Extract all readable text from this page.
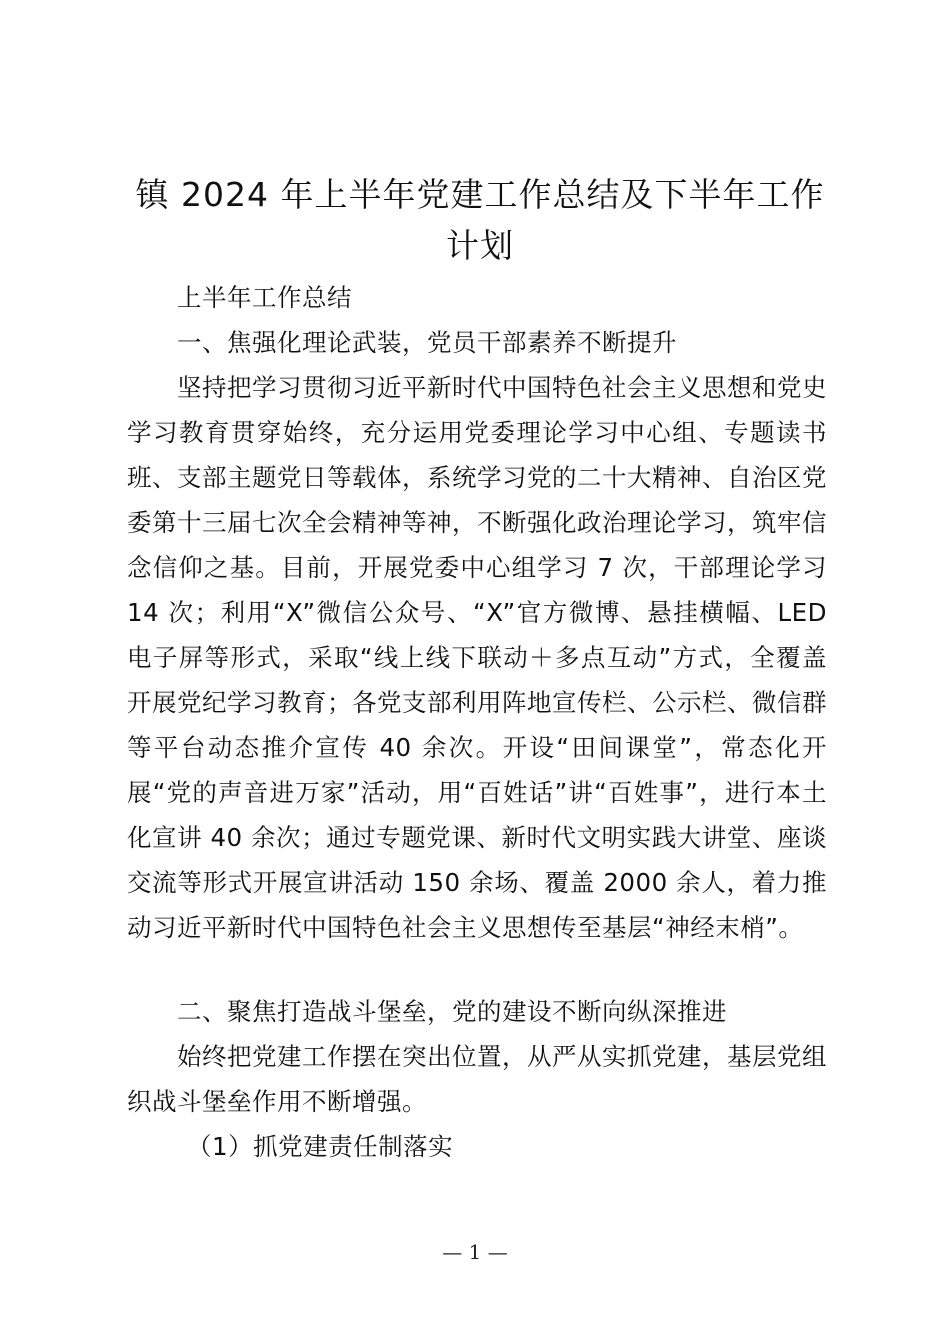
镇 2024 年上半年党建工作总结及下半年工作
计划

上半年工作总结

一、焦强化理论武装，党员干部素养不断提升

坚持把学习贯彻习近平新时代中国特色社会主义思想和党史学习教育贯穿始终，充分运用党委理论学习中心组、专题读书班、支部主题党日等载体，系统学习党的二十大精神、自治区党委第十三届七次全会精神等神，不断强化政治理论学习，筑牢信念信仰之基。目前，开展党委中心组学习 7 次，干部理论学习 14 次；利用“X”微信公众号、“X”官方微博、悬挂横幅、LED 电子屏等形式，采取“线上线下联动＋多点互动”方式，全覆盖开展党纪学习教育；各党支部利用阵地宣传栏、公示栏、微信群等平台动态推介宣传 40 余次。开设“田间课堂”，常态化开展“党的声音进万家”活动，用“百姓话”讲“百姓事”，进行本土化宣讲 40 余次；通过专题党课、新时代文明实践大讲堂、座谈交流等形式开展宣讲活动 150 余场、覆盖 2000 余人，着力推动习近平新时代中国特色社会主义思想传至基层“神经末梢”。

二、聚焦打造战斗堡垒，党的建设不断向纵深推进

始终把党建工作摆在突出位置，从严从实抓党建，基层党组织战斗堡垒作用不断增强。

（1）抓党建责任制落实

— 1 —
